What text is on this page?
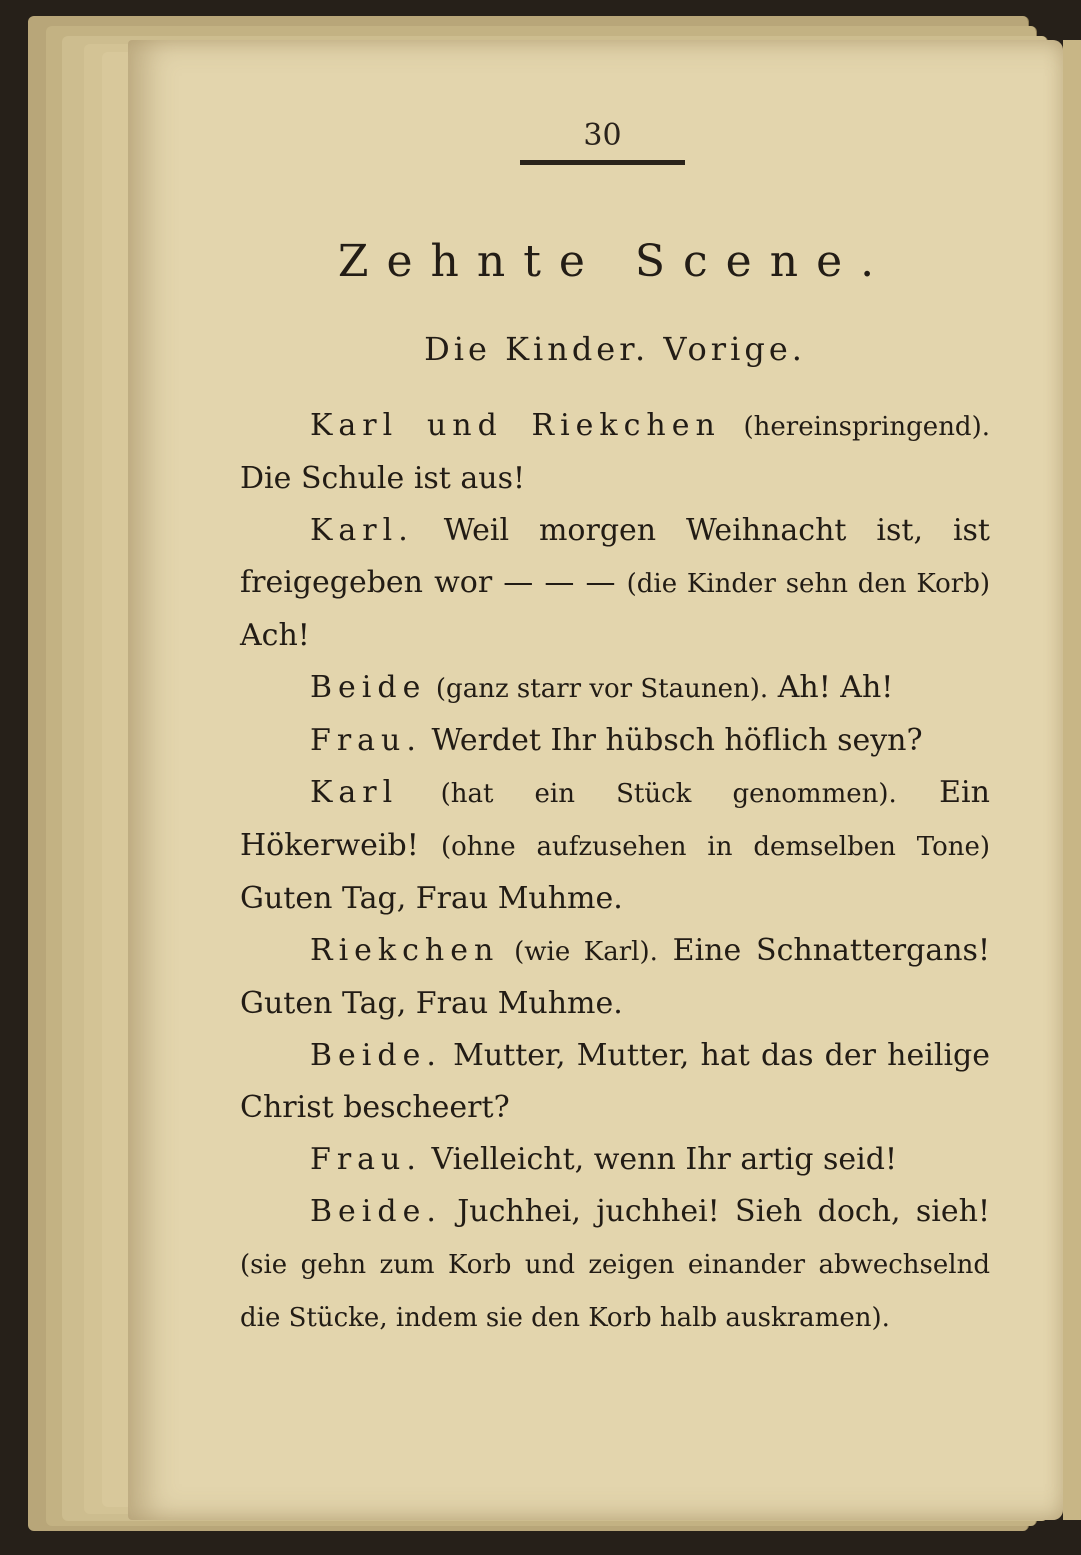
30
Zehnte Scene.
Die Kinder. Vorige.

Karl und Riekchen (hereinspringend). Die Schule ist aus!

Karl. Weil morgen Weihnacht ist, ist freigegeben wor — — — (die Kinder sehn den Korb) Ach!

Beide (ganz starr vor Staunen). Ah! Ah!

Frau. Werdet Ihr hübsch höflich seyn?

Karl (hat ein Stück genommen). Ein Hökerweib! (ohne aufzusehen in demselben Tone) Guten Tag, Frau Muhme.

Riekchen (wie Karl). Eine Schnattergans! Guten Tag, Frau Muhme.

Beide. Mutter, Mutter, hat das der heilige Christ bescheert?

Frau. Vielleicht, wenn Ihr artig seid!

Beide. Juchhei, juchhei! Sieh doch, sieh! (sie gehn zum Korb und zeigen einander abwechselnd die Stücke, indem sie den Korb halb auskramen).
